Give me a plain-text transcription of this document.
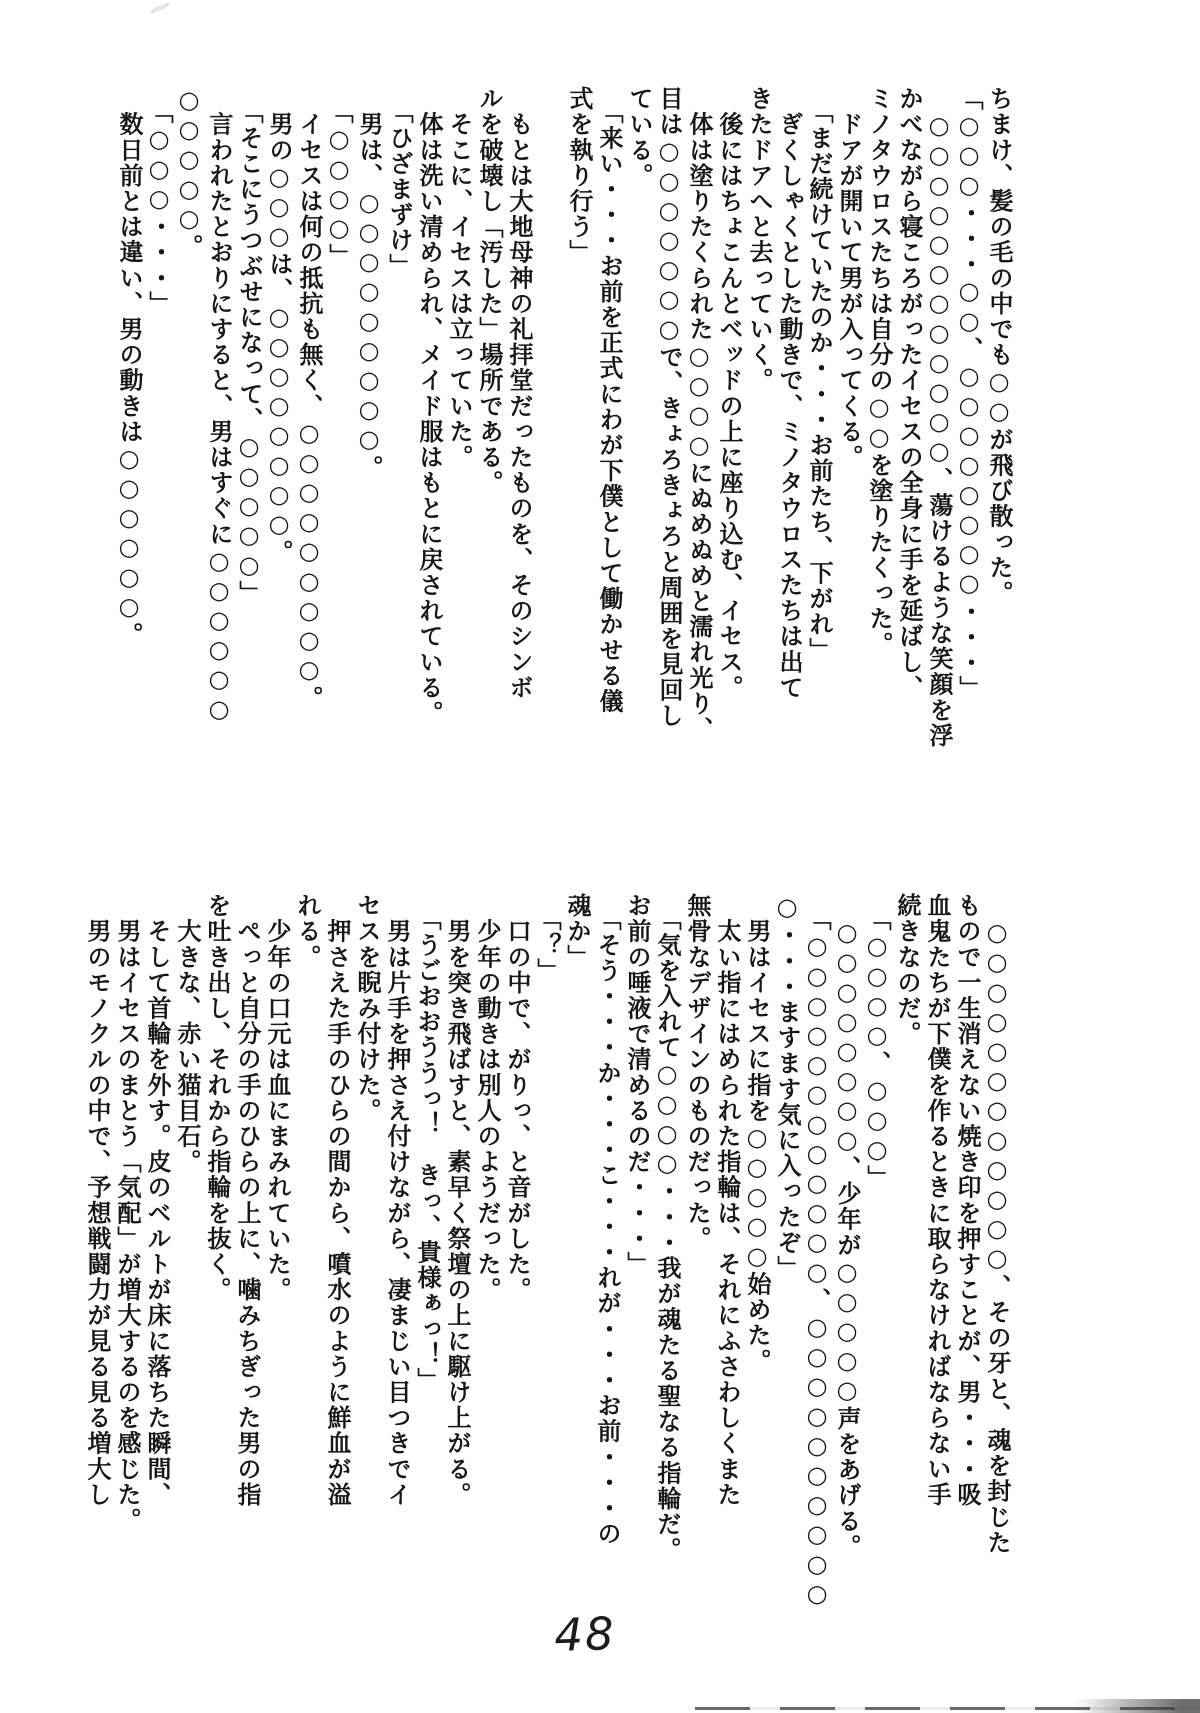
ちまけ、髪の毛の中でも○○が飛び散った。
「○○○・・・○○、○○○○○○○○・・・」
　○○○○○○○○○○○○、蕩けるような笑顔を浮
かべながら寝ころがったイセスの全身に手を延ばし、
ミノタウロスたちは自分の○○を塗りたくった。
　ドアが開いて男が入ってくる。
　「まだ続けていたのか・・・お前たち、下がれ」
　ぎくしゃくとした動きで、ミノタウロスたちは出て
きたドアへと去っていく。
　後にはちょこんとベッドの上に座り込む、イセス。
　体は塗りたくられた○○○○にぬめぬめと濡れ光り、
目は○○○○○○○で、きょろきょろと周囲を見回し
ている。
　「来い・・・お前を正式にわが下僕として働かせる儀
式を執り行う」

　もとは大地母神の礼拝堂だったものを、そのシンボ
ルを破壊し「汚した」場所である。
　そこに、イセスは立っていた。
　体は洗い清められ、メイド服はもとに戻されている。
　「ひざまずけ」
　男は、○○○○○○○○○。
　「○○○○」
　イセスは何の抵抗も無く、○○○○○○○○○。
　男の○○○は、○○○○○○○○。
　「そこにうつぶせになって、○○○○○」
　言われたとおりにすると、男はすぐに○○○○○○
○○○○○。
　「○○○・・・」
　数日前とは違い、男の動きは○○○○○○。
　○○○○○○○○○○○○、その牙と、魂を封じた
もので一生消えない焼き印を押すことが、男・・・吸
血鬼たちが下僕を作るときに取らなければならない手
続きなのだ。
　「○○○○、○○○」
　○○○○○○○○、少年が○○○○○声をあげる。
　「○○○○○○○○○○○○、○○○○○○○○○○
○・・・ますます気に入ったぞ」
　男はイセスに指を○○○○○始めた。
　太い指にはめられた指輪は、それにふさわしくまた
無骨なデザインのものだった。
　「気を入れて○○○○・・・我が魂たる聖なる指輪だ。
お前の唾液で清めるのだ・・・」
　「そう・・・か・・・こ・・・れが・・・お前・・・の
魂か」
　「？」
　口の中で、がりっ、と音がした。
　少年の動きは別人のようだった。
　男を突き飛ばすと、素早く祭壇の上に駆け上がる。
　「うごおおううっ！　きっ、貴様ぁっ！」
　男は片手を押さえ付けながら、凄まじい目つきでイ
セスを睨み付けた。
　押さえた手のひらの間から、噴水のように鮮血が溢
れる。
　少年の口元は血にまみれていた。
　ぺっと自分の手のひらの上に、噛みちぎった男の指
を吐き出し、それから指輪を抜く。
　大きな、赤い猫目石。
　そして首輪を外す。皮のベルトが床に落ちた瞬間、
　男はイセスのまとう「気配」が増大するのを感じた。
　男のモノクルの中で、予想戦闘力が見る見る増大し
48
